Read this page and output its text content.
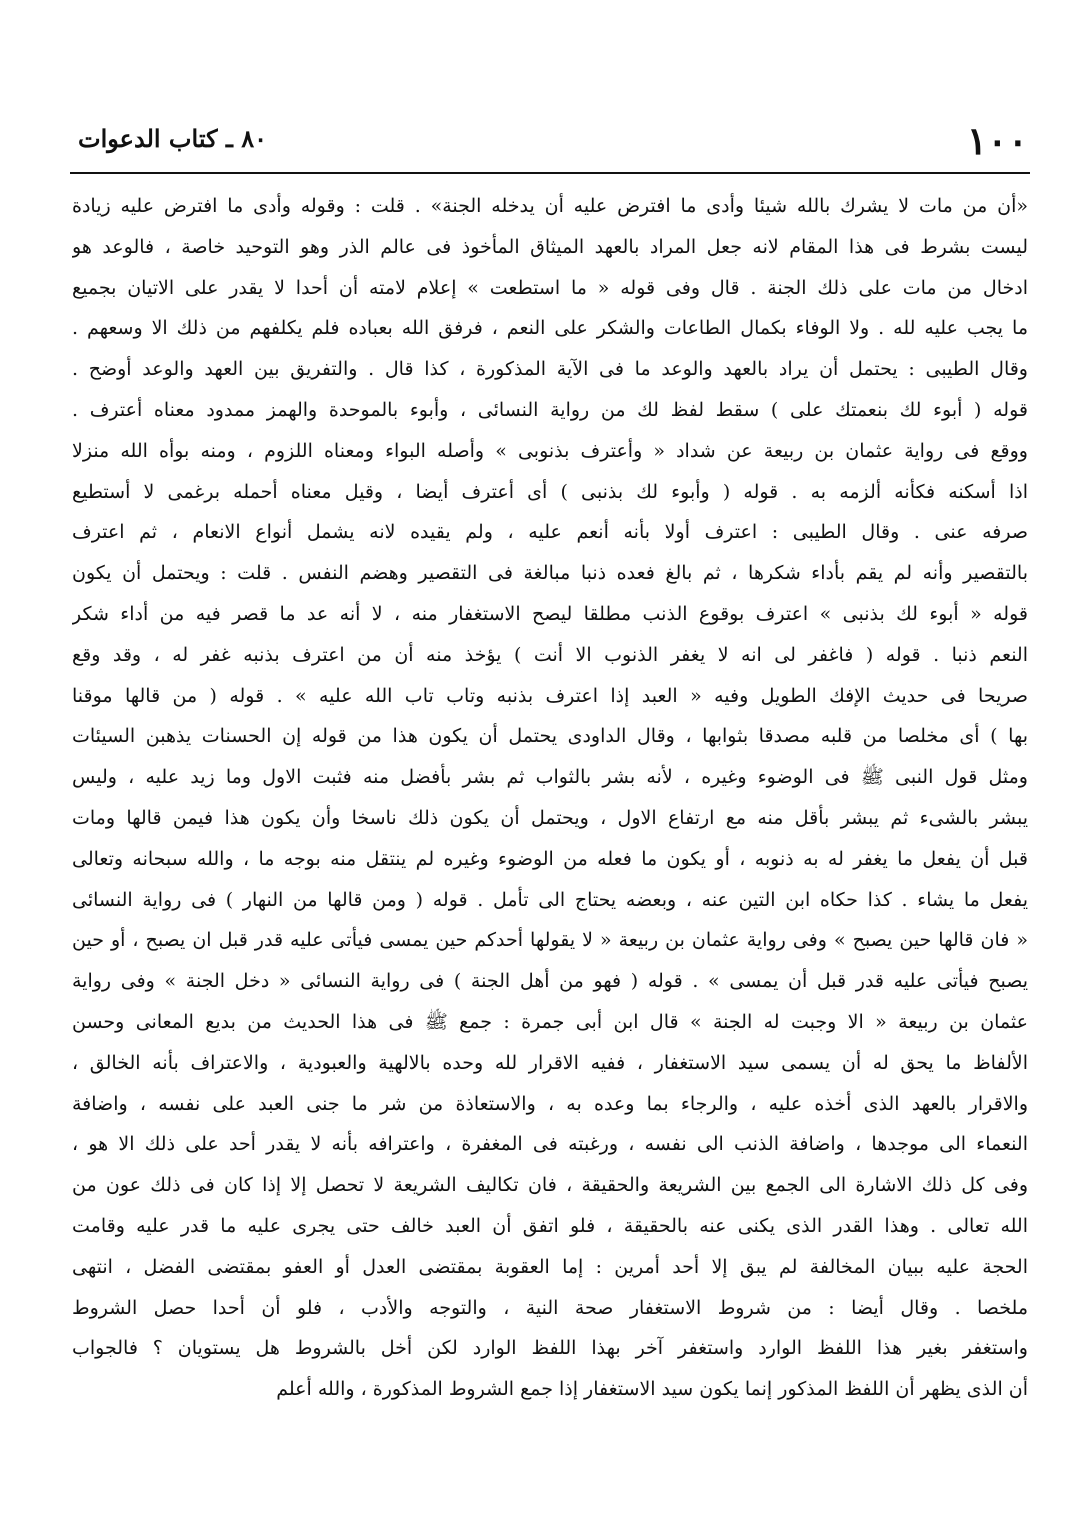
١٠٠
٨٠ ـ كتاب الدعوات
«أن من مات لا يشرك بالله شيئا وأدى ما افترض عليه أن يدخله الجنة» . قلت : وقوله وأدى ما افترض عليه زيادة
ليست بشرط فى هذا المقام لانه جعل المراد بالعهد الميثاق المأخوذ فى عالم الذر وهو التوحيد خاصة ، فالوعد هو
ادخال من مات على ذلك الجنة . قال وفى قوله « ما استطعت » إعلام لامته أن أحدا لا يقدر على الاتيان بجميع
ما يجب عليه لله . ولا الوفاء بكمال الطاعات والشكر على النعم ، فرفق الله بعباده فلم يكلفهم من ذلك الا وسعهم .
وقال الطيبى : يحتمل أن يراد بالعهد والوعد ما فى الآية المذكورة ، كذا قال . والتفريق بين العهد والوعد أوضح .
قوله ( أبوء لك بنعمتك على ) سقط لفظ لك من رواية النسائى ، وأبوء بالموحدة والهمز ممدود معناه أعترف .
ووقع فى رواية عثمان بن ربيعة عن شداد « وأعترف بذنوبى » وأصله البواء ومعناه اللزوم ، ومنه بوأه الله منزلا
اذا أسكنه فكأنه ألزمه به . قوله ( وأبوء لك بذنبى ) أى أعترف أيضا ، وقيل معناه أحمله برغمى لا أستطيع
صرفه عنى . وقال الطيبى : اعترف أولا بأنه أنعم عليه ، ولم يقيده لانه يشمل أنواع الانعام ، ثم اعترف
بالتقصير وأنه لم يقم بأداء شكرها ، ثم بالغ فعده ذنبا مبالغة فى التقصير وهضم النفس . قلت : ويحتمل أن يكون
قوله « أبوء لك بذنبى » اعترف بوقوع الذنب مطلقا ليصح الاستغفار منه ، لا أنه عد ما قصر فيه من أداء شكر
النعم ذنبا . قوله ( فاغفر لى انه لا يغفر الذنوب الا أنت ) يؤخذ منه أن من اعترف بذنبه غفر له ، وقد وقع
صريحا فى حديث الإفك الطويل وفيه « العبد إذا اعترف بذنبه وتاب تاب الله عليه » . قوله ( من قالها موقنا
بها ) أى مخلصا من قلبه مصدقا بثوابها ، وقال الداودى يحتمل أن يكون هذا من قوله إن الحسنات يذهبن السيئات
ومثل قول النبى ﷺ فى الوضوء وغيره ، لأنه بشر بالثواب ثم بشر بأفضل منه فثبت الاول وما زيد عليه ، وليس
يبشر بالشىء ثم يبشر بأقل منه مع ارتفاع الاول ، ويحتمل أن يكون ذلك ناسخا وأن يكون هذا فيمن قالها ومات
قبل أن يفعل ما يغفر له به ذنوبه ، أو يكون ما فعله من الوضوء وغيره لم ينتقل منه بوجه ما ، والله سبحانه وتعالى
يفعل ما يشاء . كذا حكاه ابن التين عنه ، وبعضه يحتاج الى تأمل . قوله ( ومن قالها من النهار ) فى رواية النسائى
« فان قالها حين يصبح » وفى رواية عثمان بن ربيعة « لا يقولها أحدكم حين يمسى فيأتى عليه قدر قبل ان يصبح ، أو حين
يصبح فيأتى عليه قدر قبل أن يمسى » . قوله ( فهو من أهل الجنة ) فى رواية النسائى « دخل الجنة » وفى رواية
عثمان بن ربيعة « الا وجبت له الجنة » قال ابن أبى جمرة : جمع ﷺ فى هذا الحديث من بديع المعانى وحسن
الألفاظ ما يحق له أن يسمى سيد الاستغفار ، ففيه الاقرار لله وحده بالالهية والعبودية ، والاعتراف بأنه الخالق ،
والاقرار بالعهد الذى أخذه عليه ، والرجاء بما وعده به ، والاستعاذة من شر ما جنى العبد على نفسه ، واضافة
النعماء الى موجدها ، واضافة الذنب الى نفسه ، ورغبته فى المغفرة ، واعترافه بأنه لا يقدر أحد على ذلك الا هو ،
وفى كل ذلك الاشارة الى الجمع بين الشريعة والحقيقة ، فان تكاليف الشريعة لا تحصل إلا إذا كان فى ذلك عون من
الله تعالى . وهذا القدر الذى يكنى عنه بالحقيقة ، فلو اتفق أن العبد خالف حتى يجرى عليه ما قدر عليه وقامت
الحجة عليه ببيان المخالفة لم يبق إلا أحد أمرين : إما العقوبة بمقتضى العدل أو العفو بمقتضى الفضل ، انتهى
ملخصا . وقال أيضا : من شروط الاستغفار صحة النية ، والتوجه والأدب ، فلو أن أحدا حصل الشروط
واستغفر بغير هذا اللفظ الوارد واستغفر آخر بهذا اللفظ الوارد لكن أخل بالشروط هل يستويان ؟ فالجواب
أن الذى يظهر أن اللفظ المذكور إنما يكون سيد الاستغفار إذا جمع الشروط المذكورة ، والله أعلم
